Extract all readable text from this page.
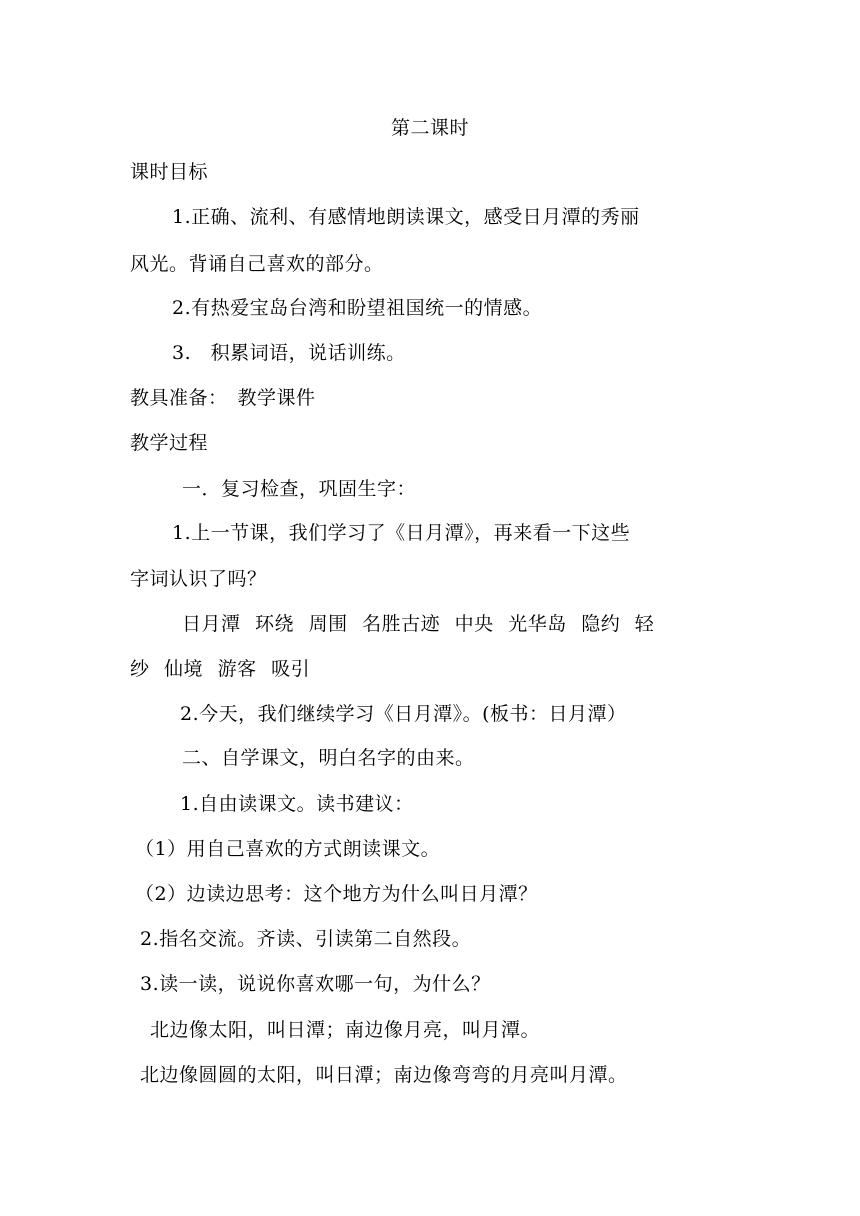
第二课时
课时目标
1.正确、流利、有感情地朗读课文，感受日月潭的秀丽
风光。背诵自己喜欢的部分。
2.有热爱宝岛台湾和盼望祖国统一的情感。
3.　积累词语，说话训练。
教具准备：　教学课件
教学过程
一．复习检查，巩固生字：
1.上一节课，我们学习了《日月潭》，再来看一下这些
字词认识了吗？
日月潭 环绕 周围 名胜古迹 中央 光华岛 隐约 轻
纱 仙境 游客 吸引
2.今天，我们继续学习《日月潭》。(板书：日月潭）
二、自学课文，明白名字的由来。
1.自由读课文。读书建议：
（1）用自己喜欢的方式朗读课文。
（2）边读边思考：这个地方为什么叫日月潭？
2.指名交流。齐读、引读第二自然段。
3.读一读，说说你喜欢哪一句，为什么？
北边像太阳，叫日潭；南边像月亮，叫月潭。
北边像圆圆的太阳，叫日潭；南边像弯弯的月亮叫月潭。
